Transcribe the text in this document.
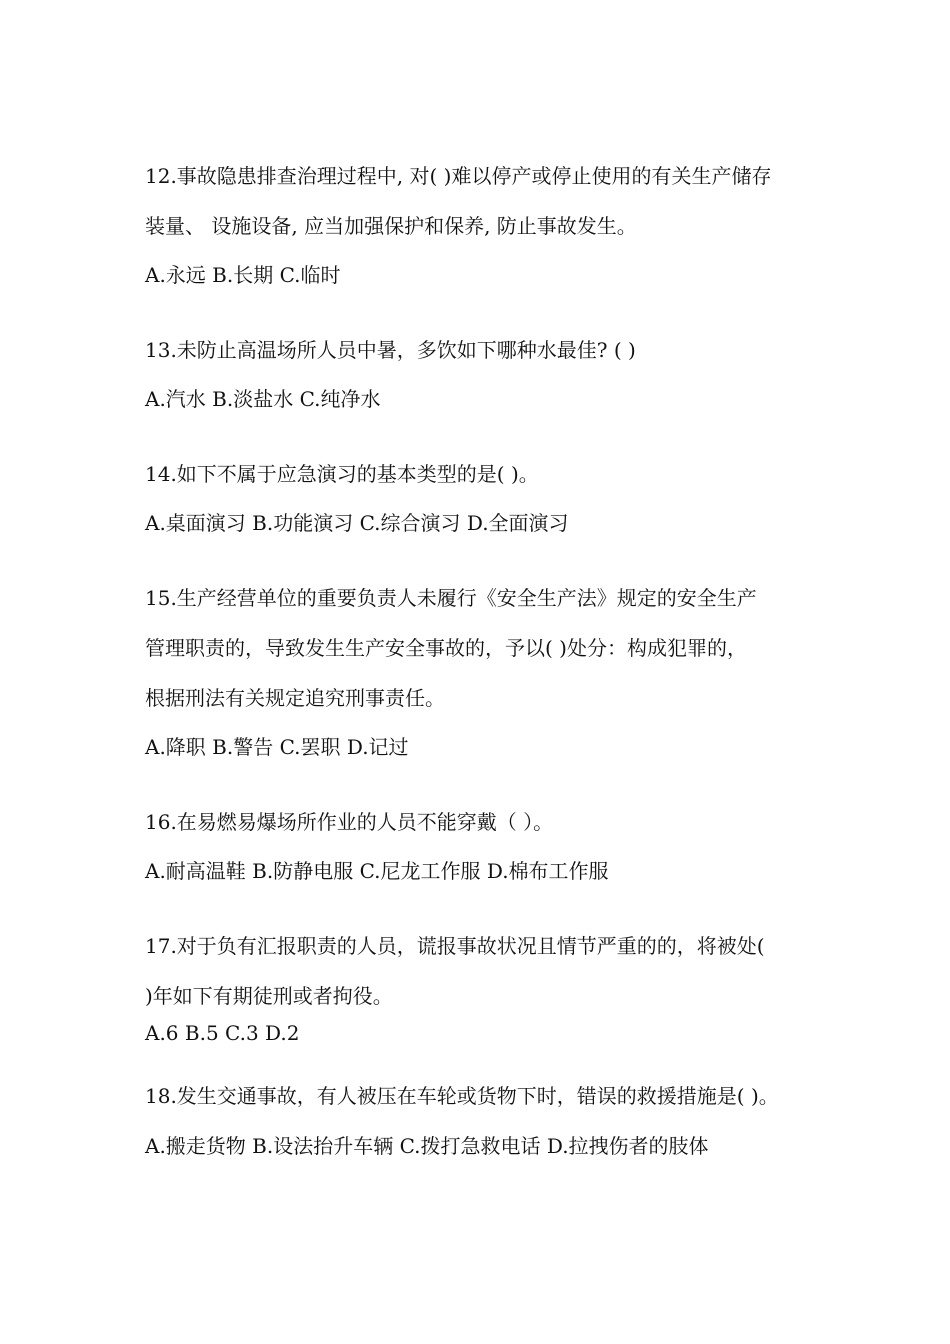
12.事故隐患排查治理过程中, 对( )难以停产或停止使用的有关生产储存
装量、 设施设备, 应当加强保护和保养, 防止事故发生。
A.永远 B.长期 C.临时
13.未防止高温场所人员中暑，多饮如下哪种水最佳? ( )
A.汽水 B.淡盐水 C.纯净水
14.如下不属于应急演习的基本类型的是( )。
A.桌面演习 B.功能演习 C.综合演习 D.全面演习
15.生产经营单位的重要负责人未履行《安全生产法》规定的安全生产
管理职责的，导致发生生产安全事故的，予以( )处分：构成犯罪的，
根据刑法有关规定追究刑事责任。
A.降职 B.警告 C.罢职 D.记过
16.在易燃易爆场所作业的人员不能穿戴（ ）。
A.耐高温鞋 B.防静电服 C.尼龙工作服 D.棉布工作服
17.对于负有汇报职责的人员，谎报事故状况且情节严重的的，将被处(
)年如下有期徒刑或者拘役。
A.6 B.5 C.3 D.2
18.发生交通事故，有人被压在车轮或货物下时，错误的救援措施是( )。
A.搬走货物 B.设法抬升车辆 C.拨打急救电话 D.拉拽伤者的肢体
